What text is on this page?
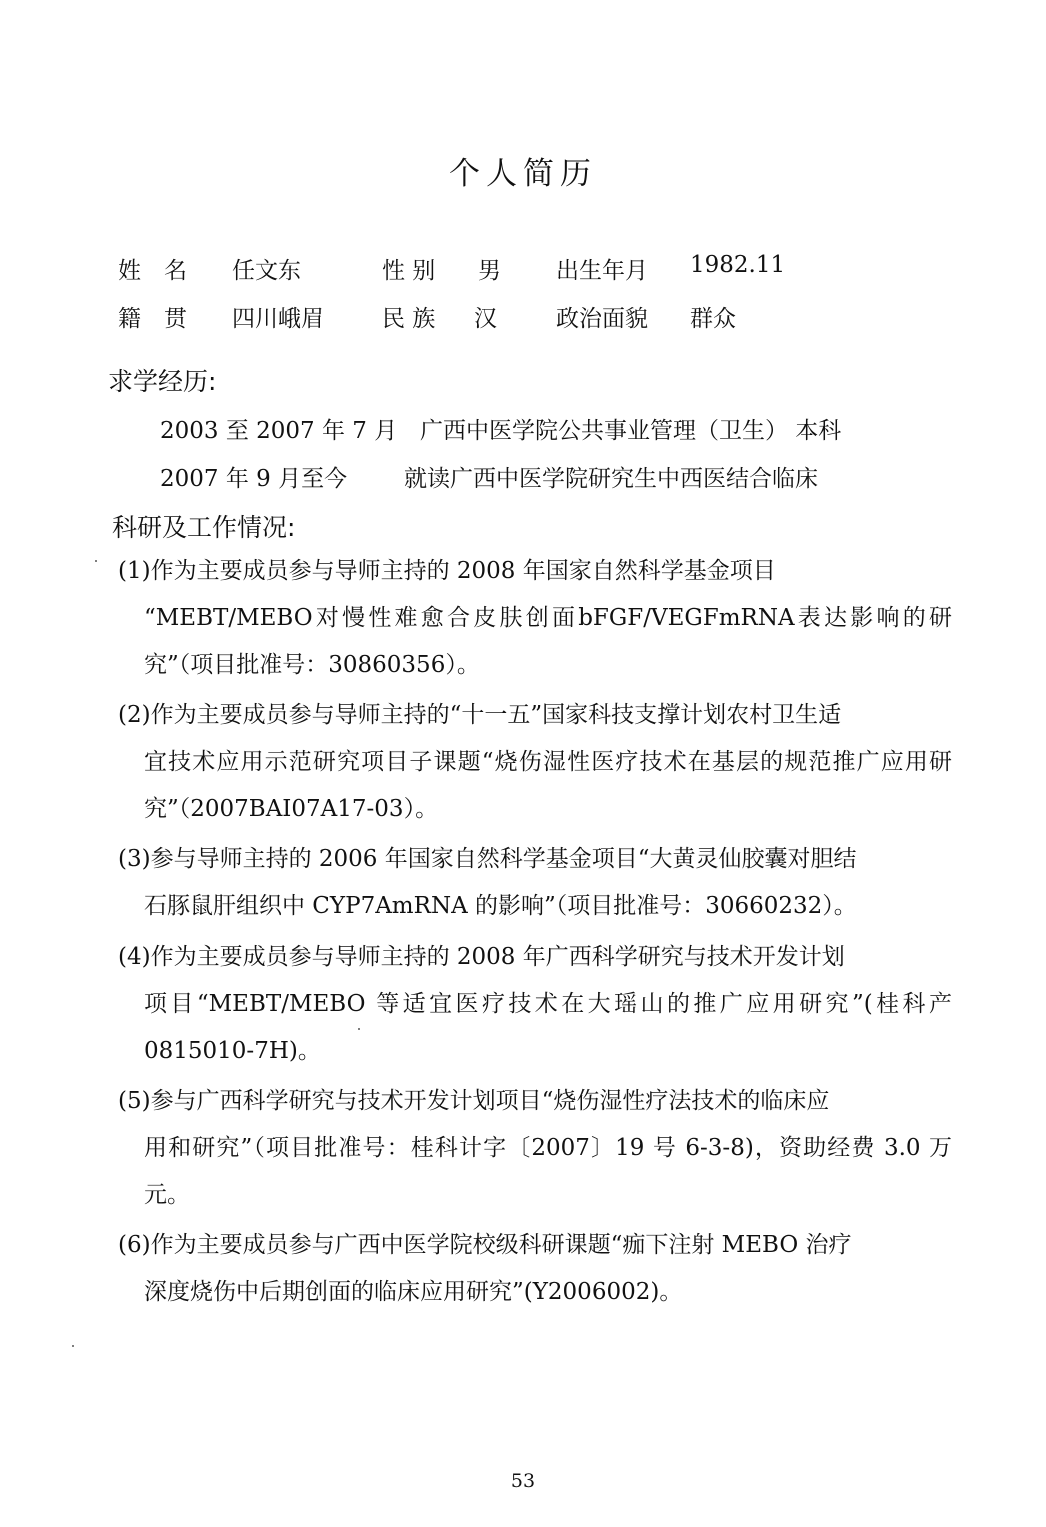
个人简历
姓　名 任文东	性 别 男 出生年月 1982.11
籍　贯 四川峨眉	民 族 汉	政治面貌 群众
求学经历:
2003 至 2007 年 7 月 广西中医学院公共事业管理（卫生） 本科
2007 年 9 月至今 就读广西中医学院研究生中西医结合临床
科研及工作情况:
(1)作为主要成员参与导师主持的 2008 年国家自然科学基金项目
“MEBT/MEBO对慢性难愈合皮肤创面bFGF/VEGFmRNA表达影响的研究”（项目批准号：30860356）。
(2)作为主要成员参与导师主持的“十一五”国家科技支撑计划农村卫生适
宜技术应用示范研究项目子课题“烧伤湿性医疗技术在基层的规范推广应用研究”（2007BAI07A17-03）。
(3)参与导师主持的 2006 年国家自然科学基金项目“大黄灵仙胶囊对胆结
石豚鼠肝组织中 CYP7AmRNA 的影响”（项目批准号：30660232）。
(4)作为主要成员参与导师主持的 2008 年广西科学研究与技术开发计划
项目“MEBT/MEBO 等适宜医疗技术在大瑶山的推广应用研究”(桂科产 0815010-7H)。
(5)参与广西科学研究与技术开发计划项目“烧伤湿性疗法技术的临床应
用和研究”（项目批准号：桂科计字〔2007〕19 号 6-3-8)，资助经费 3.0 万元。
(6)作为主要成员参与广西中医学院校级科研课题“痂下注射 MEBO 治疗
深度烧伤中后期创面的临床应用研究”(Y2006002)。
53
